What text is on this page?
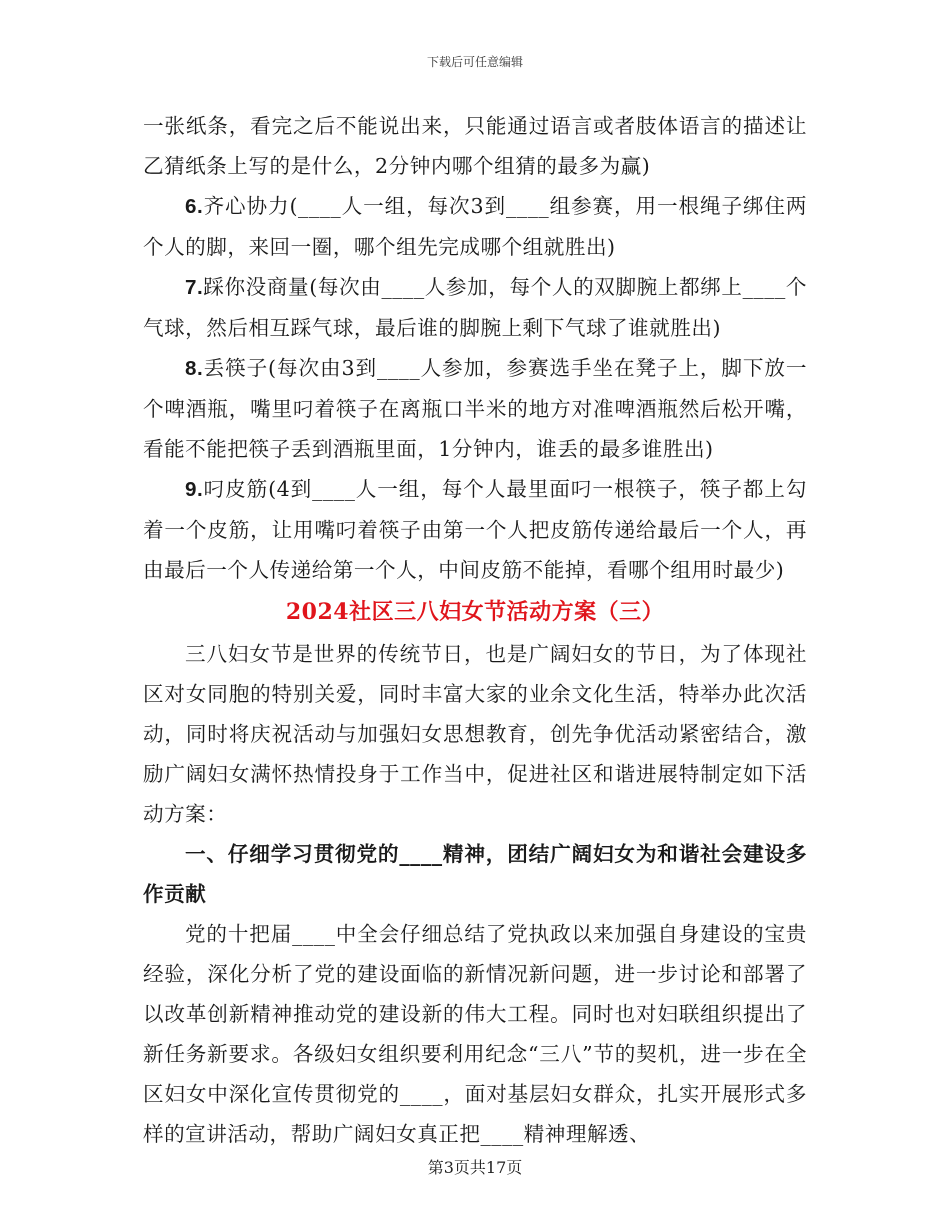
下载后可任意编辑

一张纸条，看完之后不能说出来，只能通过语言或者肢体语言的描述让乙猜纸条上写的是什么，2分钟内哪个组猜的最多为赢)

6.齐心协力(____人一组，每次3到____组参赛，用一根绳子绑住两个人的脚，来回一圈，哪个组先完成哪个组就胜出)

7.踩你没商量(每次由____人参加，每个人的双脚腕上都绑上____个气球，然后相互踩气球，最后谁的脚腕上剩下气球了谁就胜出)

8.丢筷子(每次由3到____人参加，参赛选手坐在凳子上，脚下放一个啤酒瓶，嘴里叼着筷子在离瓶口半米的地方对准啤酒瓶然后松开嘴，看能不能把筷子丢到酒瓶里面，1分钟内，谁丢的最多谁胜出)

9.叼皮筋(4到____人一组，每个人最里面叼一根筷子，筷子都上勾着一个皮筋，让用嘴叼着筷子由第一个人把皮筋传递给最后一个人，再由最后一个人传递给第一个人，中间皮筋不能掉，看哪个组用时最少)

2024社区三八妇女节活动方案（三）

三八妇女节是世界的传统节日，也是广阔妇女的节日，为了体现社区对女同胞的特别关爱，同时丰富大家的业余文化生活，特举办此次活动，同时将庆祝活动与加强妇女思想教育，创先争优活动紧密结合，激励广阔妇女满怀热情投身于工作当中，促进社区和谐进展特制定如下活动方案：

一、仔细学习贯彻党的____精神，团结广阔妇女为和谐社会建设多作贡献

党的十把届____中全会仔细总结了党执政以来加强自身建设的宝贵经验，深化分析了党的建设面临的新情况新问题，进一步讨论和部署了以改革创新精神推动党的建设新的伟大工程。同时也对妇联组织提出了新任务新要求。各级妇女组织要利用纪念“三八”节的契机，进一步在全区妇女中深化宣传贯彻党的____，面对基层妇女群众，扎实开展形式多样的宣讲活动，帮助广阔妇女真正把____精神理解透、

第3页共17页
